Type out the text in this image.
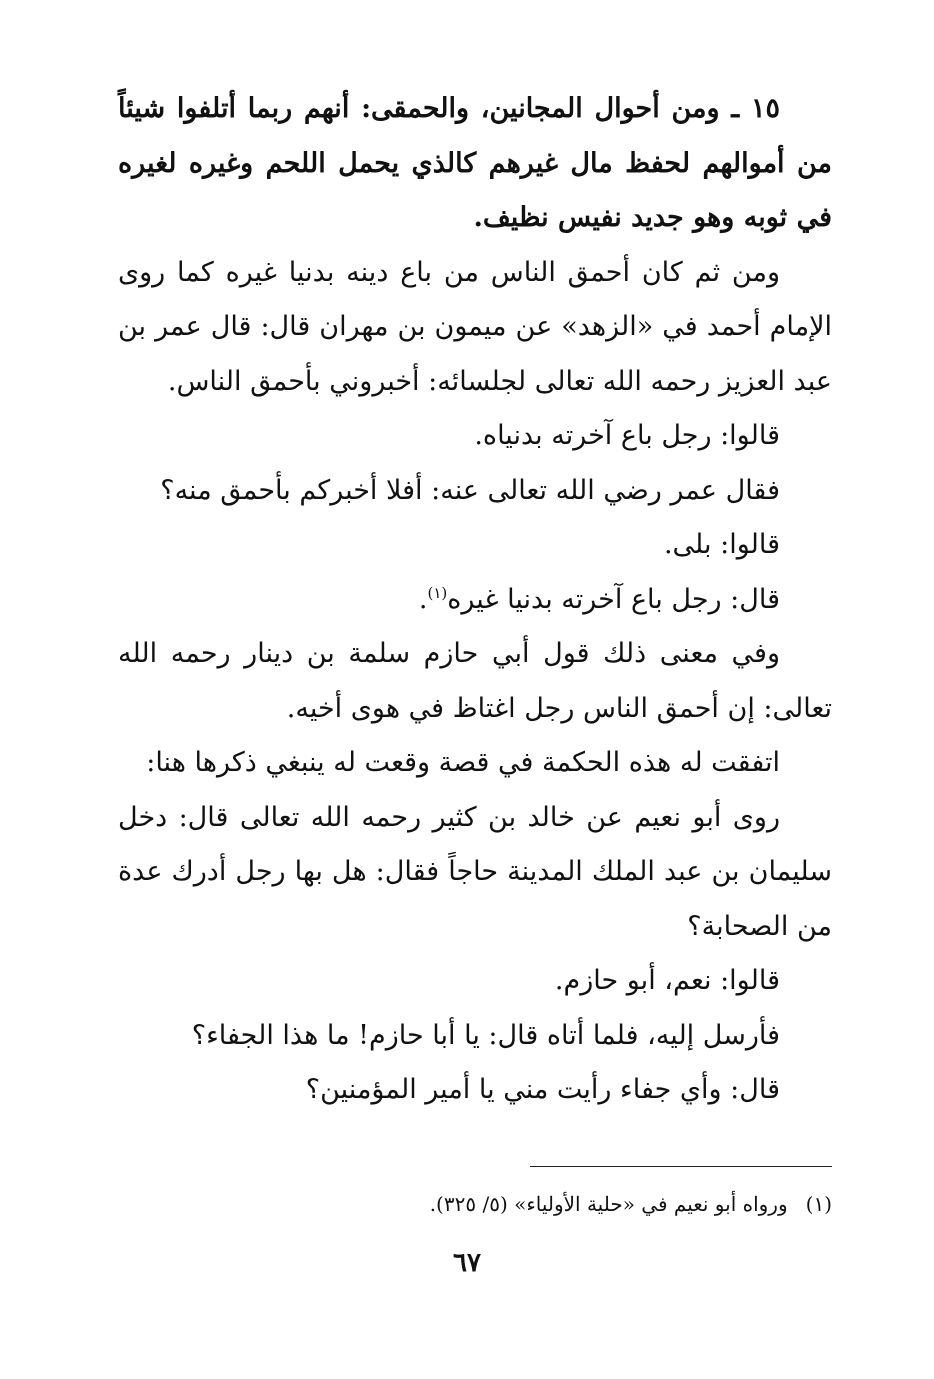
١٥ ـ ومن أحوال المجانين، والحمقى: أنهم ربما أتلفوا شيئاً من أموالهم لحفظ مال غيرهم كالذي يحمل اللحم وغيره لغيره في ثوبه وهو جديد نفيس نظيف.

ومن ثم كان أحمق الناس من باع دينه بدنيا غيره كما روى الإمام أحمد في «الزهد» عن ميمون بن مهران قال: قال عمر بن عبد العزيز رحمه الله تعالى لجلسائه: أخبروني بأحمق الناس.

قالوا: رجل باع آخرته بدنياه.

فقال عمر رضي الله تعالى عنه: أفلا أخبركم بأحمق منه؟

قالوا: بلى.

قال: رجل باع آخرته بدنيا غيره$^{(١)}$.

وفي معنى ذلك قول أبي حازم سلمة بن دينار رحمه الله تعالى: إن أحمق الناس رجل اغتاظ في هوى أخيه.

اتفقت له هذه الحكمة في قصة وقعت له ينبغي ذكرها هنا:

روى أبو نعيم عن خالد بن كثير رحمه الله تعالى قال: دخل سليمان بن عبد الملك المدينة حاجاً فقال: هل بها رجل أدرك عدة من الصحابة؟

قالوا: نعم، أبو حازم.

فأرسل إليه، فلما أتاه قال: يا أبا حازم! ما هذا الجفاء؟

قال: وأي جفاء رأيت مني يا أمير المؤمنين؟

(١)ورواه أبو نعيم في «حلية الأولياء» (٥/ ٣٢٥).

٦٧
